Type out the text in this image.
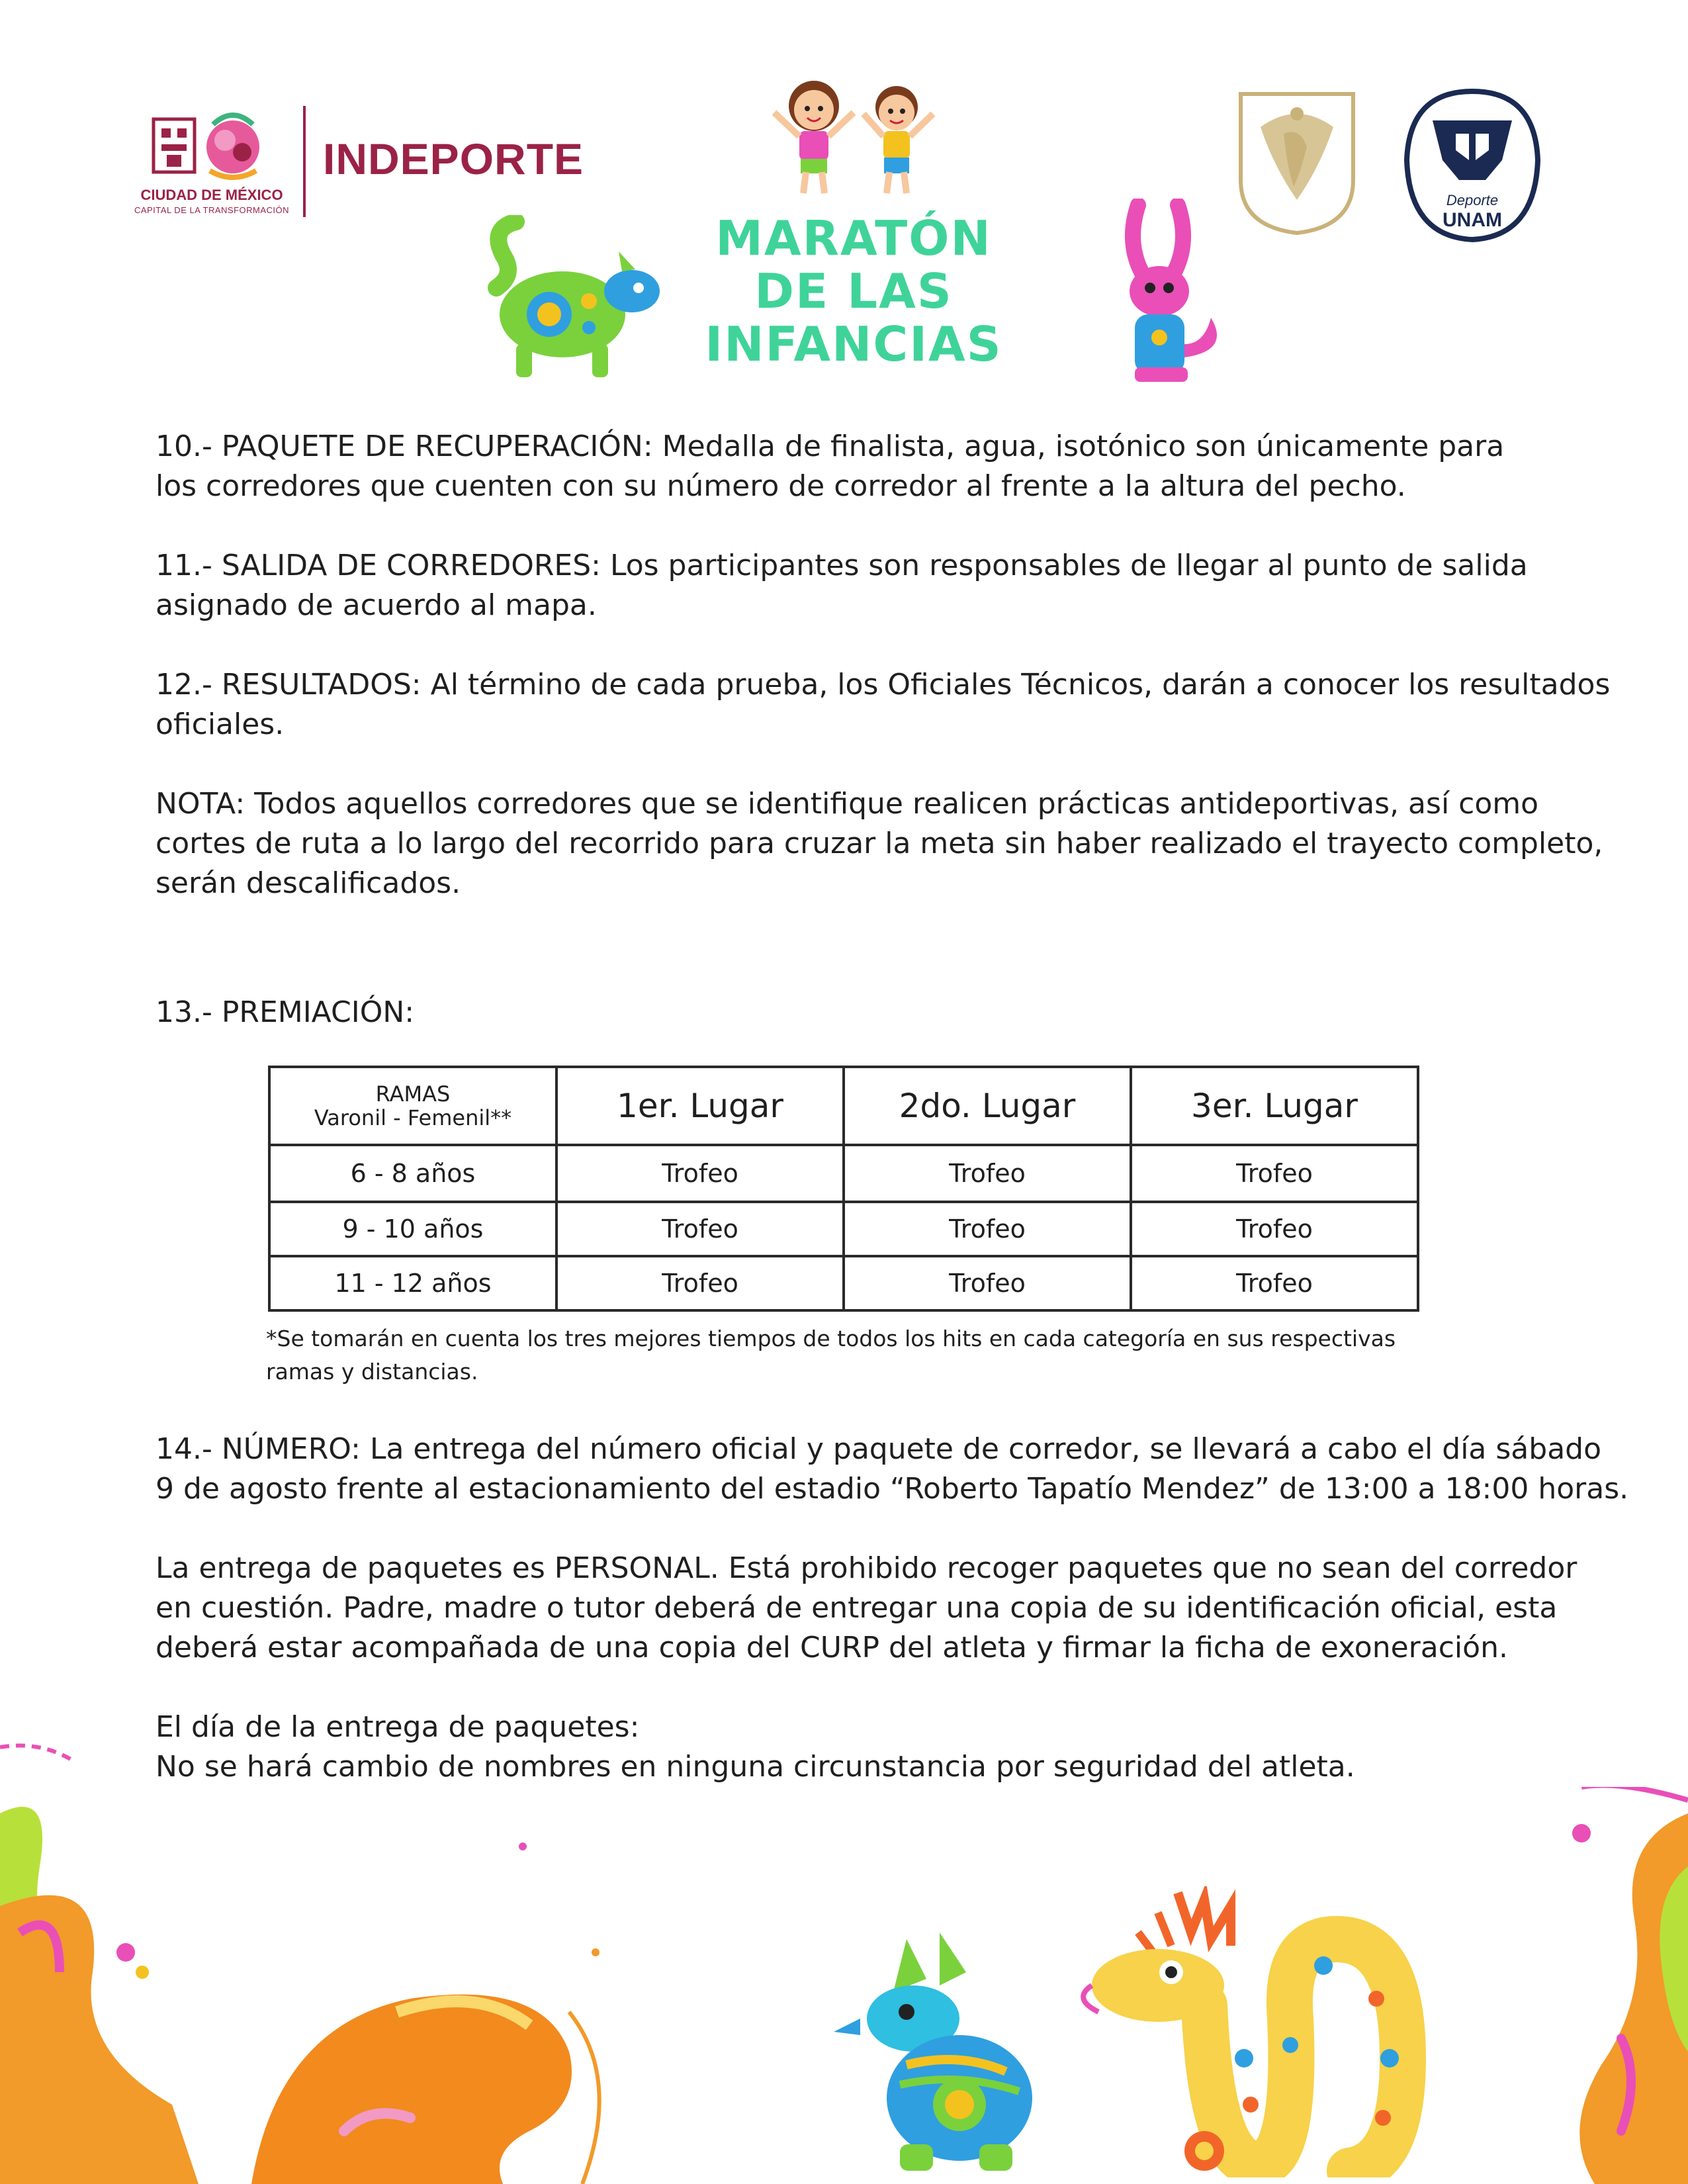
CIUDAD DE MÉXICO
CAPITAL DE LA TRANSFORMACIÓN
INDEPORTE
MARATÓN
DE LAS
INFANCIAS
Deporte
UNAM
10.- PAQUETE DE RECUPERACIÓN: Medalla de finalista, agua, isotónico son únicamente para
los corredores que cuenten con su número de corredor al frente a la altura del pecho.
11.- SALIDA DE CORREDORES: Los participantes son responsables de llegar al punto de salida
asignado de acuerdo al mapa.
12.- RESULTADOS: Al término de cada prueba, los Oficiales Técnicos, darán a conocer los resultados
oficiales.
NOTA: Todos aquellos corredores que se identifique realicen prácticas antideportivas, así como
cortes de ruta a lo largo del recorrido para cruzar la meta sin haber realizado el trayecto completo,
serán descalificados.
13.- PREMIACIÓN:
RAMAS
Varonil - Femenil**	1er. Lugar	2do. Lugar	3er. Lugar
6 - 8 años	Trofeo	Trofeo	Trofeo
9 - 10 años	Trofeo	Trofeo	Trofeo
11 - 12 años	Trofeo	Trofeo	Trofeo
*Se tomarán en cuenta los tres mejores tiempos de todos los hits en cada categoría en sus respectivas
ramas y distancias.
14.- NÚMERO: La entrega del número oficial y paquete de corredor, se llevará a cabo el día sábado
9 de agosto frente al estacionamiento del estadio “Roberto Tapatío Mendez” de 13:00 a 18:00 horas.
La entrega de paquetes es PERSONAL. Está prohibido recoger paquetes que no sean del corredor
en cuestión. Padre, madre o tutor deberá de entregar una copia de su identificación oficial, esta
deberá estar acompañada de una copia del CURP del atleta y firmar la ficha de exoneración.
El día de la entrega de paquetes:
No se hará cambio de nombres en ninguna circunstancia por seguridad del atleta.
